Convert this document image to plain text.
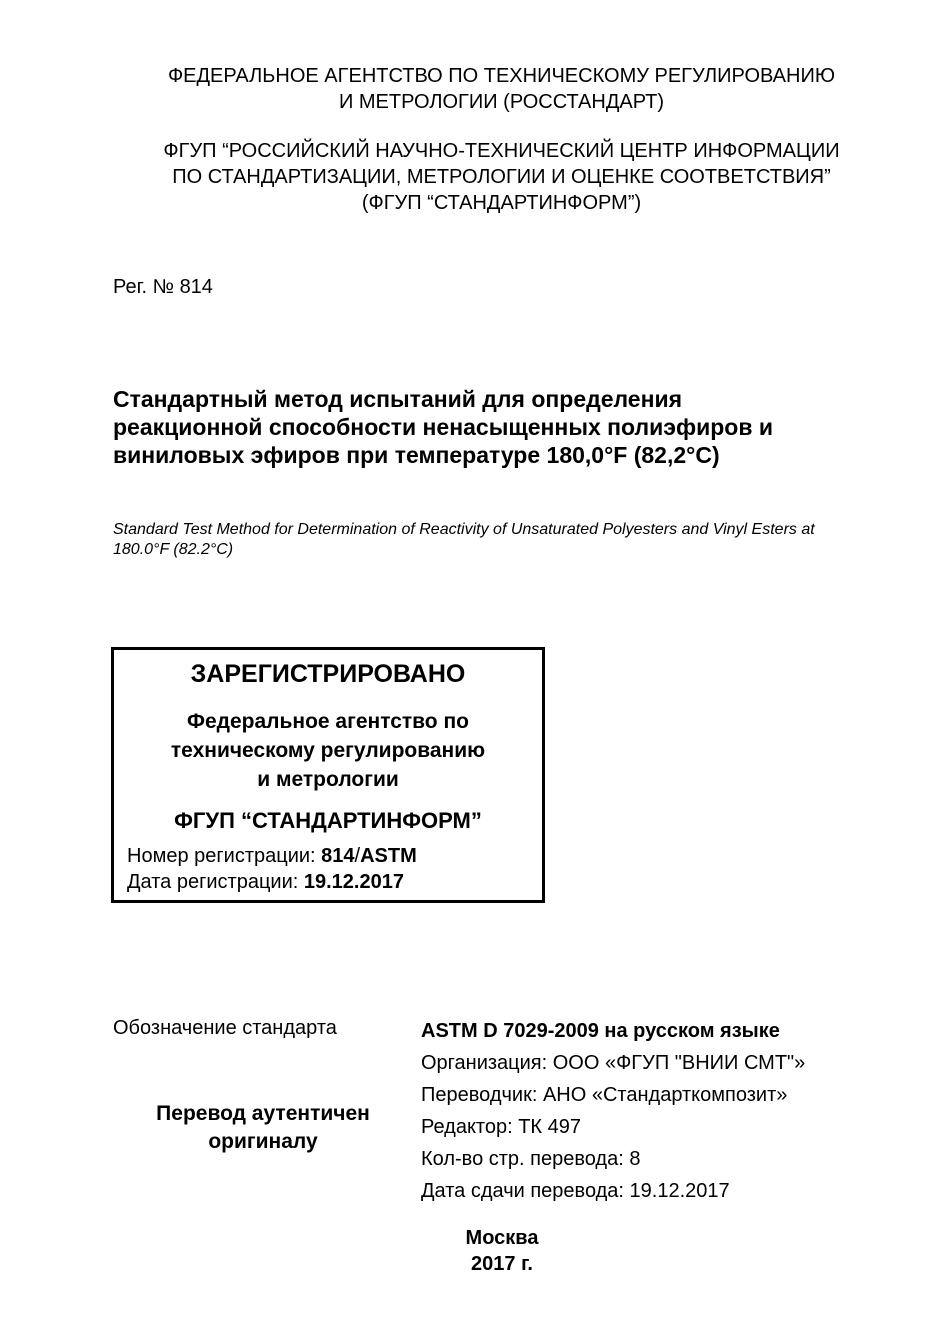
ФЕДЕРАЛЬНОЕ АГЕНТСТВО ПО ТЕХНИЧЕСКОМУ РЕГУЛИРОВАНИЮ
И МЕТРОЛОГИИ (РОССТАНДАРТ)
ФГУП “РОССИЙСКИЙ НАУЧНО-ТЕХНИЧЕСКИЙ ЦЕНТР ИНФОРМАЦИИ
ПО СТАНДАРТИЗАЦИИ, МЕТРОЛОГИИ И ОЦЕНКЕ СООТВЕТСТВИЯ”
(ФГУП “СТАНДАРТИНФОРМ”)
Рег. № 814
Стандартный метод испытаний для определения
реакционной способности ненасыщенных полиэфиров и
виниловых эфиров при температуре 180,0°F (82,2°C)
Standard Test Method for Determination of Reactivity of Unsaturated Polyesters and Vinyl Esters at
180.0°F (82.2°C)
ЗАРЕГИСТРИРОВАНО
Федеральное агентство по
техническому регулированию
и метрологии
ФГУП “СТАНДАРТИНФОРМ”
Номер регистрации: 814/ASTM
Дата регистрации: 19.12.2017
Обозначение стандарта
Перевод аутентичен
оригиналу
ASTM D 7029-2009 на русском языке
Организация: ООО «ФГУП "ВНИИ СМТ"»
Переводчик: АНО «Стандарткомпозит»
Редактор: ТК 497
Кол-во стр. перевода: 8
Дата сдачи перевода: 19.12.2017
Москва
2017 г.
